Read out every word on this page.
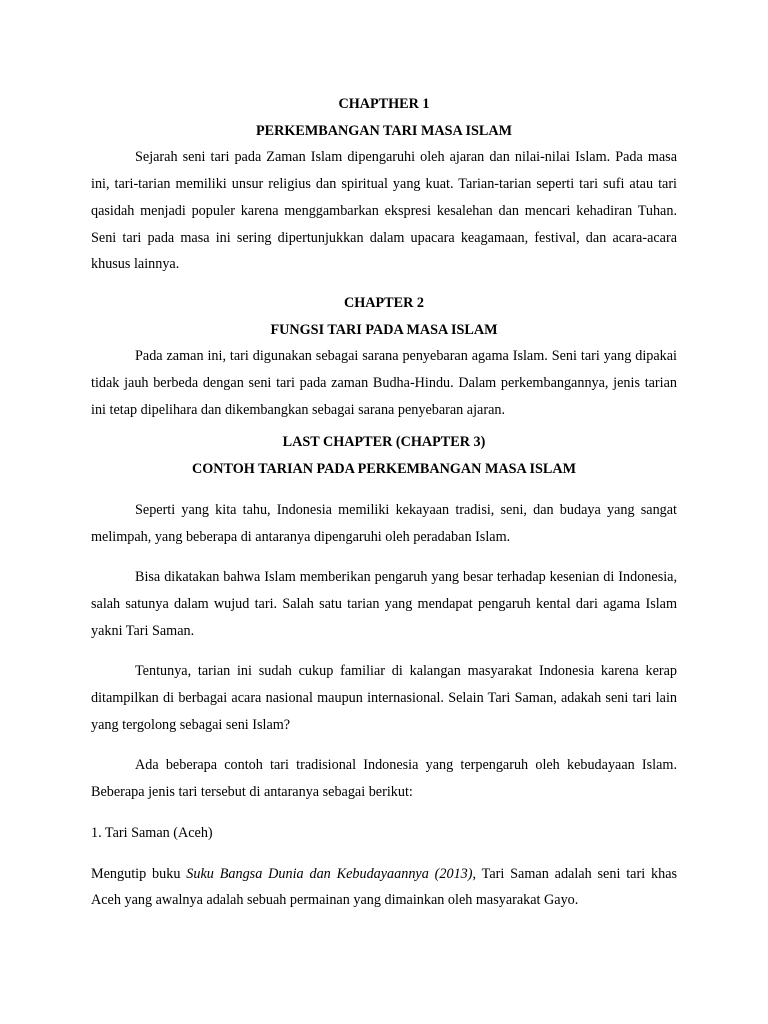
CHAPTHER 1

PERKEMBANGAN TARI MASA ISLAM

Sejarah seni tari pada Zaman Islam dipengaruhi oleh ajaran dan nilai-nilai Islam. Pada masa ini, tari-tarian memiliki unsur religius dan spiritual yang kuat. Tarian-tarian seperti tari sufi atau tari qasidah menjadi populer karena menggambarkan ekspresi kesalehan dan mencari kehadiran Tuhan. Seni tari pada masa ini sering dipertunjukkan dalam upacara keagamaan, festival, dan acara-acara khusus lainnya.

CHAPTER 2

FUNGSI TARI PADA MASA ISLAM

Pada zaman ini, tari digunakan sebagai sarana penyebaran agama Islam. Seni tari yang dipakai tidak jauh berbeda dengan seni tari pada zaman Budha-Hindu. Dalam perkembangannya, jenis tarian ini tetap dipelihara dan dikembangkan sebagai sarana penyebaran ajaran.

LAST CHAPTER (CHAPTER 3)

CONTOH TARIAN PADA PERKEMBANGAN MASA ISLAM

Seperti yang kita tahu, Indonesia memiliki kekayaan tradisi, seni, dan budaya yang sangat melimpah, yang beberapa di antaranya dipengaruhi oleh peradaban Islam.

Bisa dikatakan bahwa Islam memberikan pengaruh yang besar terhadap kesenian di Indonesia, salah satunya dalam wujud tari. Salah satu tarian yang mendapat pengaruh kental dari agama Islam yakni Tari Saman.

Tentunya, tarian ini sudah cukup familiar di kalangan masyarakat Indonesia karena kerap ditampilkan di berbagai acara nasional maupun internasional. Selain Tari Saman, adakah seni tari lain yang tergolong sebagai seni Islam?

Ada beberapa contoh tari tradisional Indonesia yang terpengaruh oleh kebudayaan Islam. Beberapa jenis tari tersebut di antaranya sebagai berikut:

1. Tari Saman (Aceh)

Mengutip buku Suku Bangsa Dunia dan Kebudayaannya (2013), Tari Saman adalah seni tari khas Aceh yang awalnya adalah sebuah permainan yang dimainkan oleh masyarakat Gayo.
